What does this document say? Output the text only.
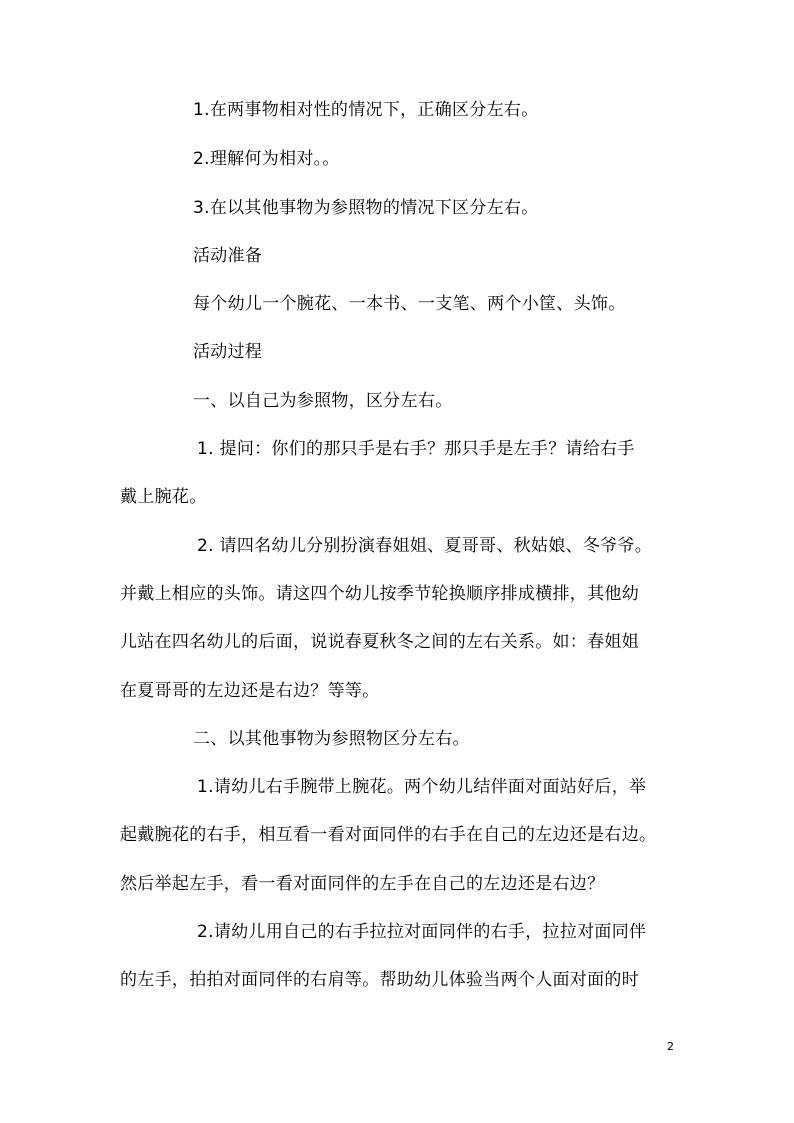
1.在两事物相对性的情况下，正确区分左右。
2.理解何为相对。。
3.在以其他事物为参照物的情况下区分左右。
活动准备
每个幼儿一个腕花、一本书、一支笔、两个小筐、头饰。
活动过程
一、以自己为参照物，区分左右。
1. 提问：你们的那只手是右手？那只手是左手？请给右手
戴上腕花。
2. 请四名幼儿分别扮演春姐姐、夏哥哥、秋姑娘、冬爷爷。
并戴上相应的头饰。请这四个幼儿按季节轮换顺序排成横排，其他幼
儿站在四名幼儿的后面，说说春夏秋冬之间的左右关系。如：春姐姐
在夏哥哥的左边还是右边？等等。
二、以其他事物为参照物区分左右。
1.请幼儿右手腕带上腕花。两个幼儿结伴面对面站好后，举
起戴腕花的右手，相互看一看对面同伴的右手在自己的左边还是右边。
然后举起左手，看一看对面同伴的左手在自己的左边还是右边？
2.请幼儿用自己的右手拉拉对面同伴的右手，拉拉对面同伴
的左手，拍拍对面同伴的右肩等。帮助幼儿体验当两个人面对面的时
2
